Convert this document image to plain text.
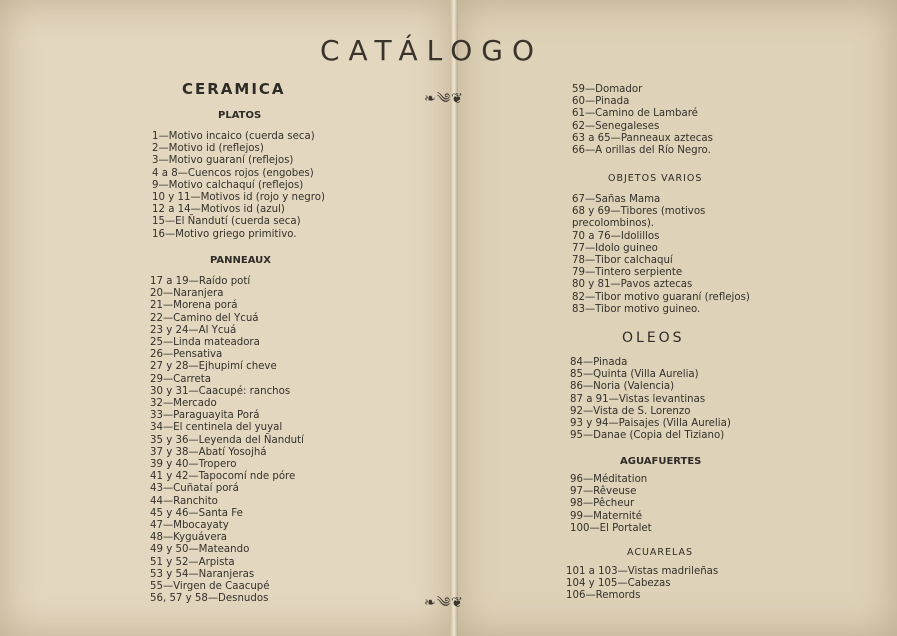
CATÁLOGO
❧༄❦
❧༄❦
CERAMICA
PLATOS
1—Motivo incaico (cuerda seca)
2—Motivo id (reflejos)
3—Motivo guaraní (reflejos)
4 a 8—Cuencos rojos (engobes)
9—Motivo calchaquí (reflejos)
10 y 11—Motivos id (rojo y negro)
12 a 14—Motivos id (azul)
15—El Ñandutí (cuerda seca)
16—Motivo griego primitivo.
PANNEAUX
17 a 19—Raído potí
20—Naranjera
21—Morena porá
22—Camino del Ycuá
23 y 24—Al Ycuá
25—Linda mateadora
26—Pensativa
27 y 28—Ejhupimí cheve
29—Carreta
30 y 31—Caacupé: ranchos
32—Mercado
33—Paraguayita Porá
34—El centinela del yuyal
35 y 36—Leyenda del Ñandutí
37 y 38—Abatí Yosojhá
39 y 40—Tropero
41 y 42—Tapocomí nde póre
43—Cuñataí porá
44—Ranchito
45 y 46—Santa Fe
47—Mbocayaty
48—Kyguávera
49 y 50—Mateando
51 y 52—Arpista
53 y 54—Naranjeras
55—Virgen de Caacupé
56, 57 y 58—Desnudos
59—Domador
60—Pinada
61—Camino de Lambaré
62—Senegaleses
63 a 65—Panneaux aztecas
66—A orillas del Río Negro.
OBJETOS VARIOS
67—Sañas Mama
68 y 69—Tibores (motivos precolombinos).
70 a 76—Idolillos
77—Idolo guineo
78—Tibor calchaquí
79—Tintero serpiente
80 y 81—Pavos aztecas
82—Tibor motivo guaraní (reflejos)
83—Tibor motivo guineo.
OLEOS
84—Pinada
85—Quinta (Villa Aurelia)
86—Noria (Valencia)
87 a 91—Vistas levantinas
92—Vista de S. Lorenzo
93 y 94—Paisajes (Villa Aurelia)
95—Danae (Copia del Tiziano)
AGUAFUERTES
96—Méditation
97—Rêveuse
98—Pêcheur
99—Maternité
100—El Portalet
ACUARELAS
101 a 103—Vistas madrileñas
104 y 105—Cabezas
106—Remords
